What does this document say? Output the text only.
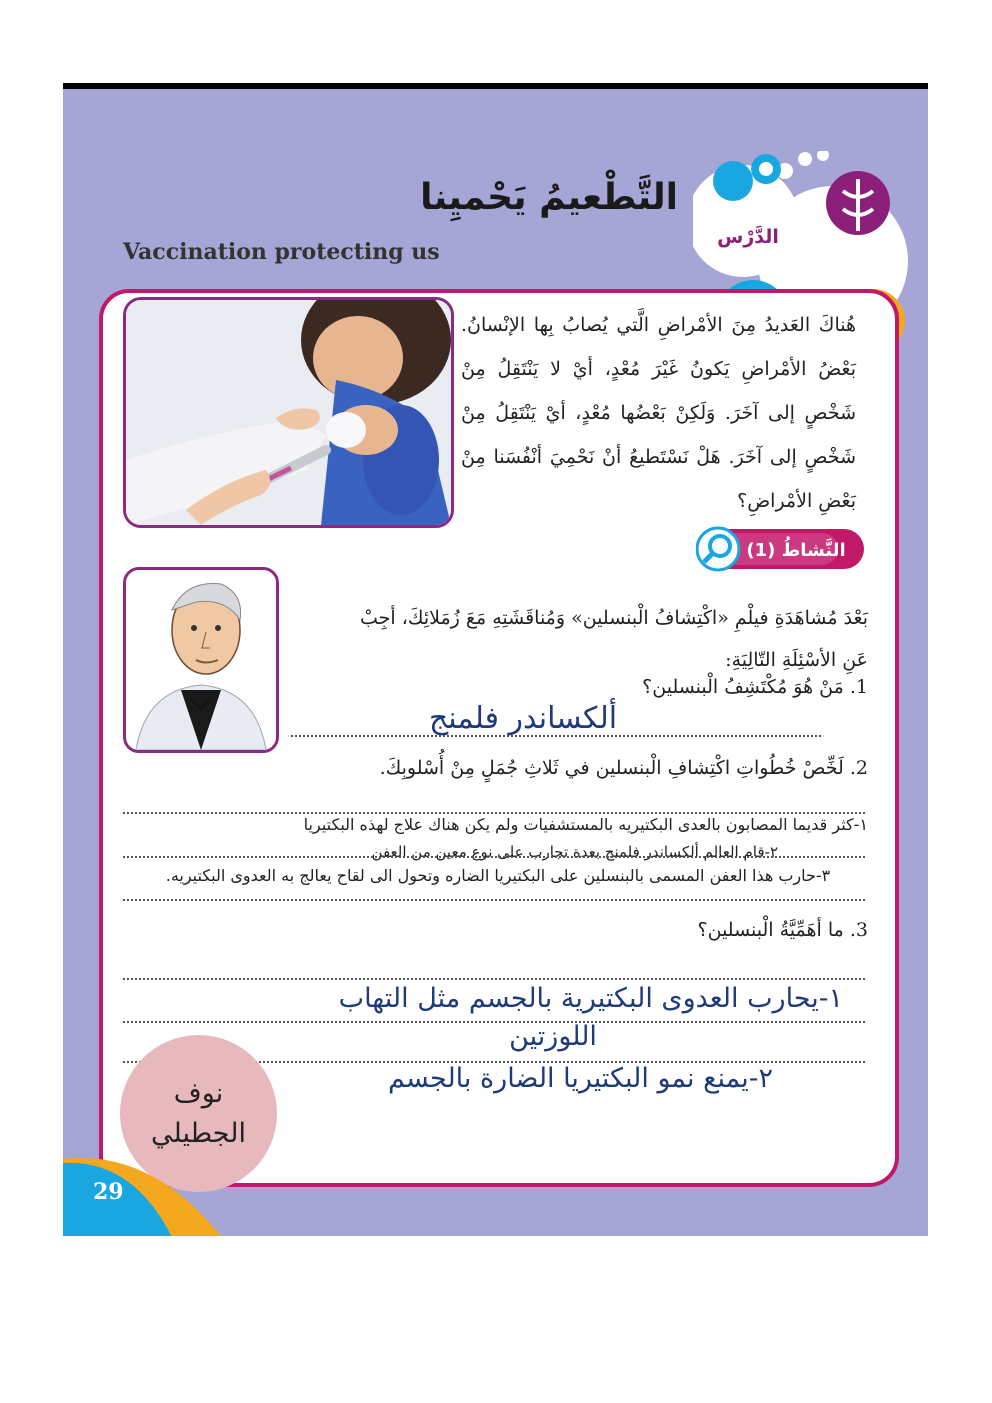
الدَّرْس
التَّطْعيمُ يَحْميِنا
Vaccination protecting us
هُناكَ العَديدُ مِنَ الأمْراضِ الَّتي يُصابُ بِها الإنْسانُ. بَعْضُ الأمْراضِ يَكونُ غَيْرَ مُعْدٍ، أيْ لا يَنْتَقِلُ مِنْ شَخْصٍ إلى آخَرَ. وَلَكِنْ بَعْضُها مُعْدٍ، أيْ يَنْتَقِلُ مِنْ شَخْصٍ إلى آخَرَ. هَلْ نَسْتَطيعُ أنْ نَحْمِيَ أنْفُسَنا مِنْ بَعْضِ الأمْراضِ؟
النَّشاطُ (1)
بَعْدَ مُشاهَدَةِ فيلْمِ «اكْتِشافُ الْبنسلين» وَمُناقَشَتِهِ مَعَ زُمَلائِكَ، أجِبْ عَنِ الأسْئِلَةِ التّالِيَةِ:
1. مَنْ هُوَ مُكْتَشِفُ الْبنسلين؟
ألكساندر فلمنج
2. لَخِّصْ خُطُواتِ اكْتِشافِ الْبنسلين في ثَلاثِ جُمَلٍ مِنْ أُسْلوبِكَ.
١-كثر قديما المصابون بالعدى البكتيريه بالمستشفيات ولم يكن هناك علاج لهذه البكتيريا
٢-قام العالم ألكساندر فلمنج بعدة تجارب على نوع معين من العفن
٣-حارب هذا العفن المسمى بالبنسلين على البكتيريا الضاره وتحول الى لقاح يعالج به العدوى البكتيريه.
3. ما أهَمِّيَّةُ الْبنسلين؟
١-يحارب العدوى البكتيرية بالجسم مثل التهاب
اللوزتين
٢-يمنع نمو البكتيريا الضارة بالجسم
نوف
الجطيلي
29
